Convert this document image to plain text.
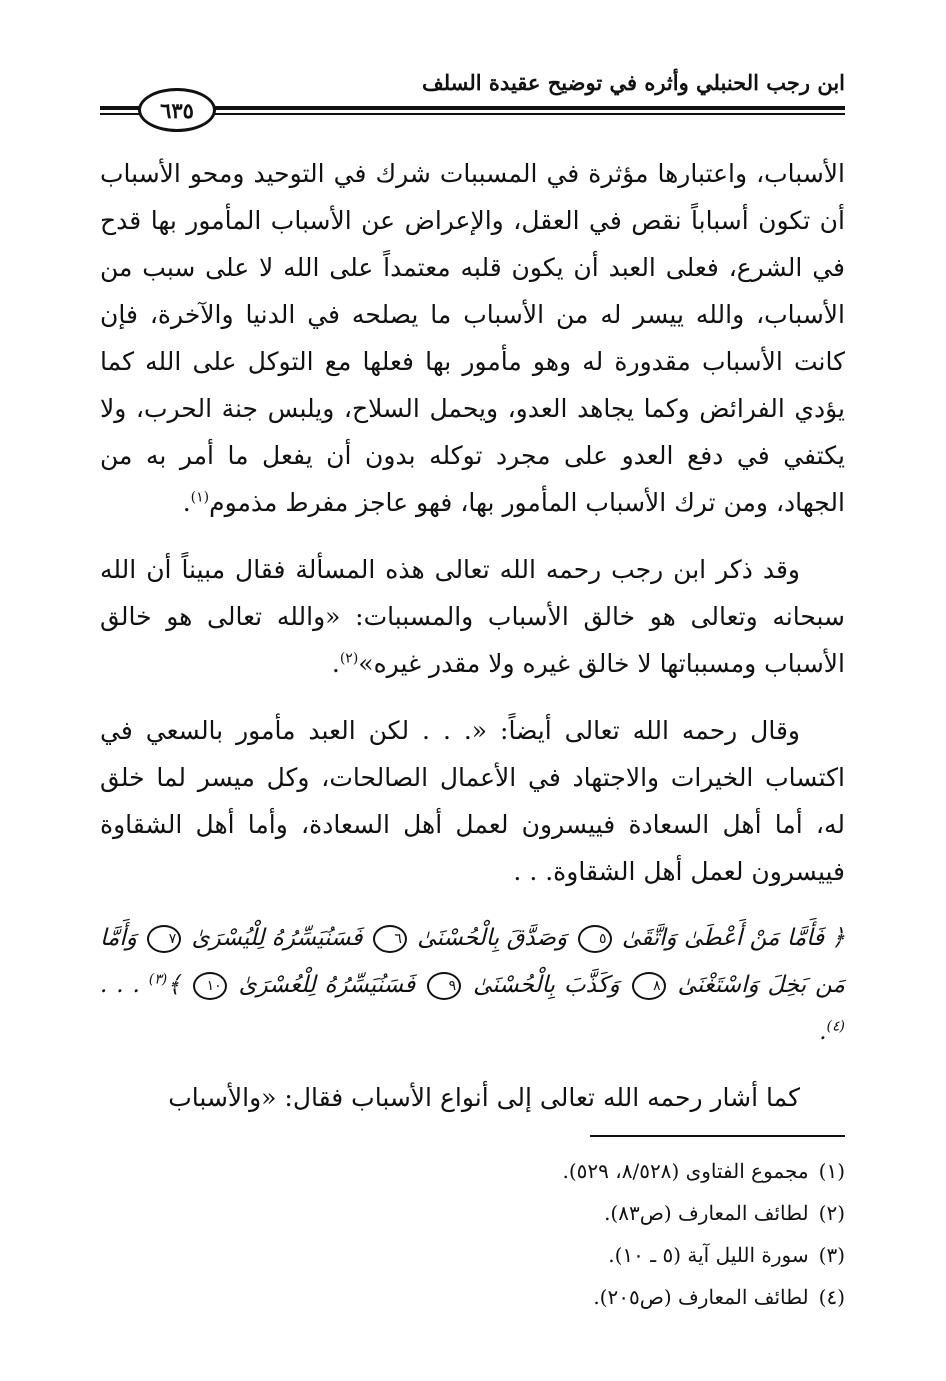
ابن رجب الحنبلي وأثره في توضيح عقيدة السلف
٦٣٥

الأسباب، واعتبارها مؤثرة في المسببات شرك في التوحيد ومحو الأسباب أن تكون أسباباً نقص في العقل، والإعراض عن الأسباب المأمور بها قدح في الشرع، فعلى العبد أن يكون قلبه معتمداً على الله لا على سبب من الأسباب، والله ييسر له من الأسباب ما يصلحه في الدنيا والآخرة، فإن كانت الأسباب مقدورة له وهو مأمور بها فعلها مع التوكل على الله كما يؤدي الفرائض وكما يجاهد العدو، ويحمل السلاح، ويلبس جنة الحرب، ولا يكتفي في دفع العدو على مجرد توكله بدون أن يفعل ما أمر به من الجهاد، ومن ترك الأسباب المأمور بها، فهو عاجز مفرط مذموم$^{(١)}$.

وقد ذكر ابن رجب رحمه الله تعالى هذه المسألة فقال مبيناً أن الله سبحانه وتعالى هو خالق الأسباب والمسببات: «والله تعالى هو خالق الأسباب ومسبباتها لا خالق غيره ولا مقدر غيره»$^{(٢)}$.

وقال رحمه الله تعالى أيضاً: «. . . لكن العبد مأمور بالسعي في اكتساب الخيرات والاجتهاد في الأعمال الصالحات، وكل ميسر لما خلق له، أما أهل السعادة فييسرون لعمل أهل السعادة، وأما أهل الشقاوة فييسرون لعمل أهل الشقاوة. . .

﴿ فَأَمَّا مَنْ أَعْطَىٰ وَاتَّقَىٰ ٥ وَصَدَّقَ بِالْحُسْنَىٰ ٦ فَسَنُيَسِّرُهُ لِلْيُسْرَىٰ ٧ وَأَمَّا مَن بَخِلَ وَاسْتَغْنَىٰ ٨ وَكَذَّبَ بِالْحُسْنَىٰ ٩ فَسَنُيَسِّرُهُ لِلْعُسْرَىٰ ١٠ ﴾$^{(٣)}$ . . .$^{(٤)}$.

كما أشار رحمه الله تعالى إلى أنواع الأسباب فقال: «والأسباب

(١)
مجموع الفتاوى (٨/٥٢٨، ٥٢٩).
(٢)
لطائف المعارف (ص٨٣).
(٣)
سورة الليل آية (٥ ـ ١٠).
(٤)
لطائف المعارف (ص٢٠٥).
